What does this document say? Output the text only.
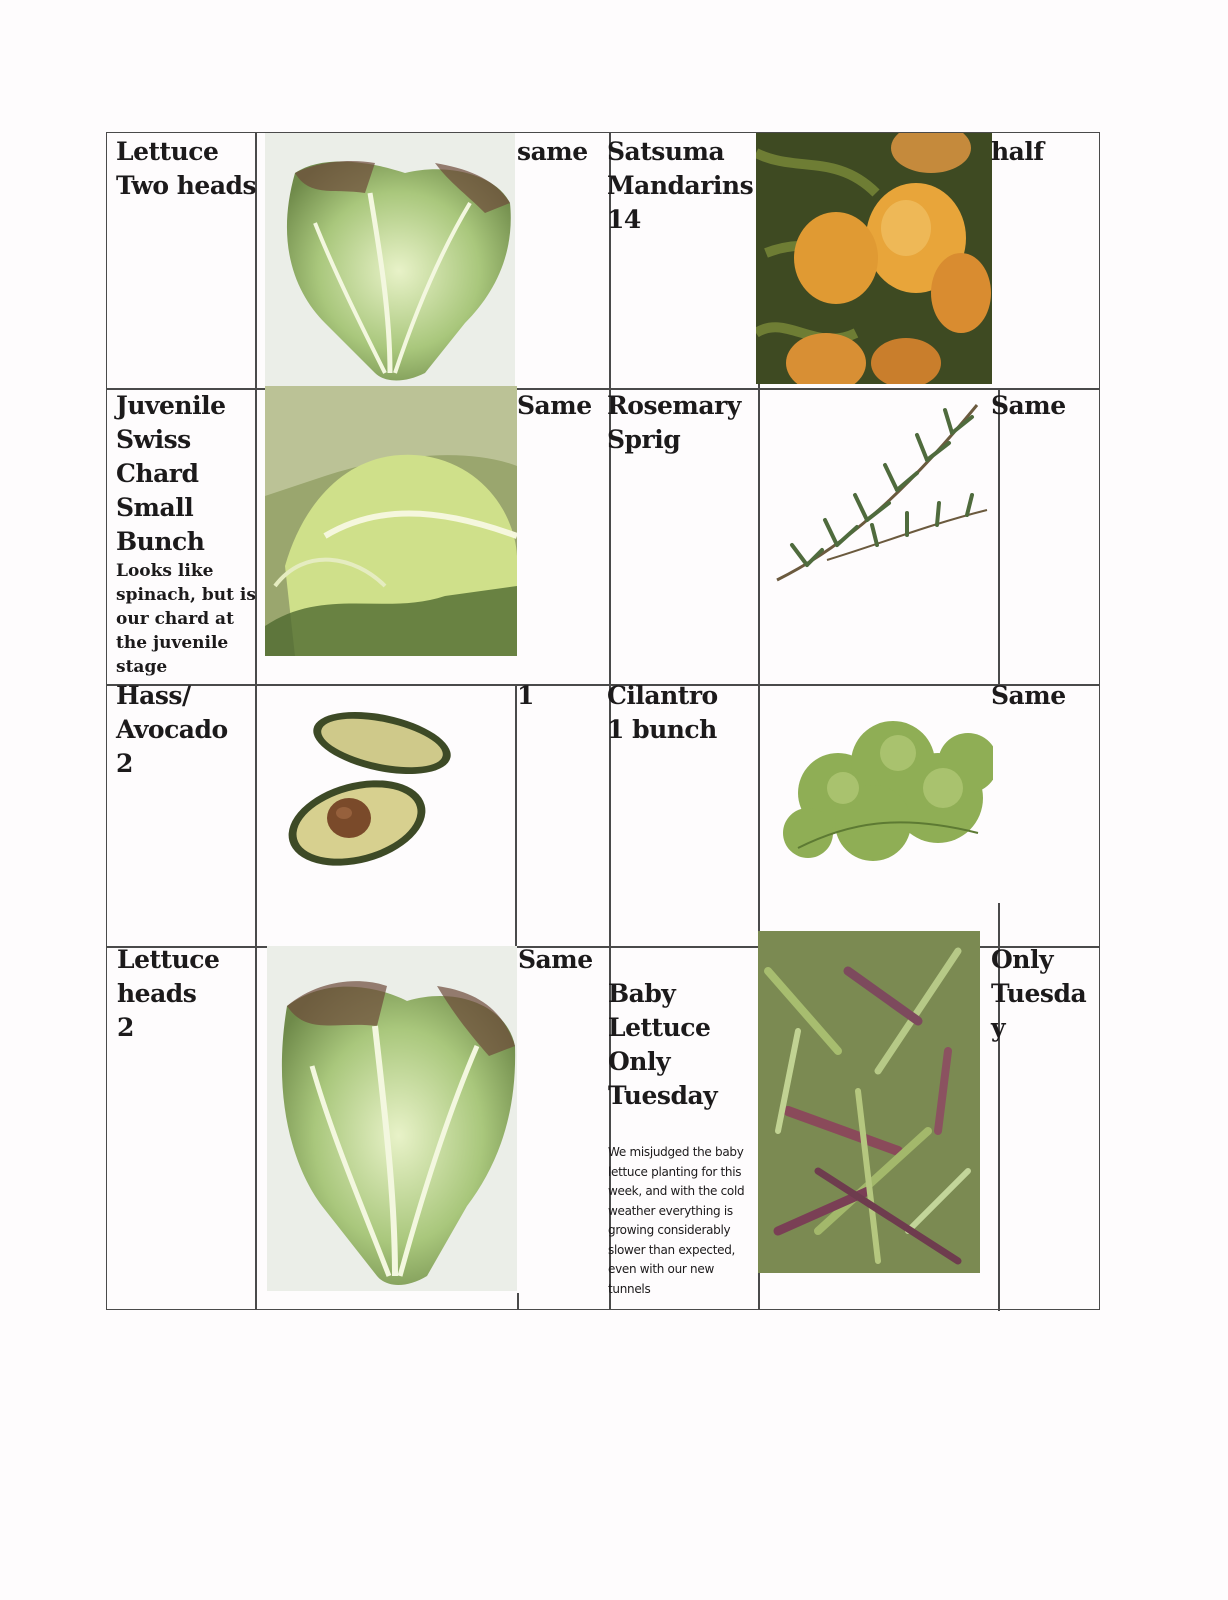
Lettuce
Two heads
same Satsuma
Mandarins
14
half
Juvenile
Swiss
Chard
Small
Bunch
Looks like
spinach, but is
our chard at
the juvenile
stage
Same Rosemary
Sprig
Same
Hass/
Avocado
2
1	Cilantro
1 bunch
Same
Lettuce
heads
2
Same
Baby
Lettuce
Only
Tuesday
We misjudged the baby
lettuce planting for this
week, and with the cold
weather everything is
growing considerably
slower than expected,
even with our new
tunnels
Only
Tuesda
y
